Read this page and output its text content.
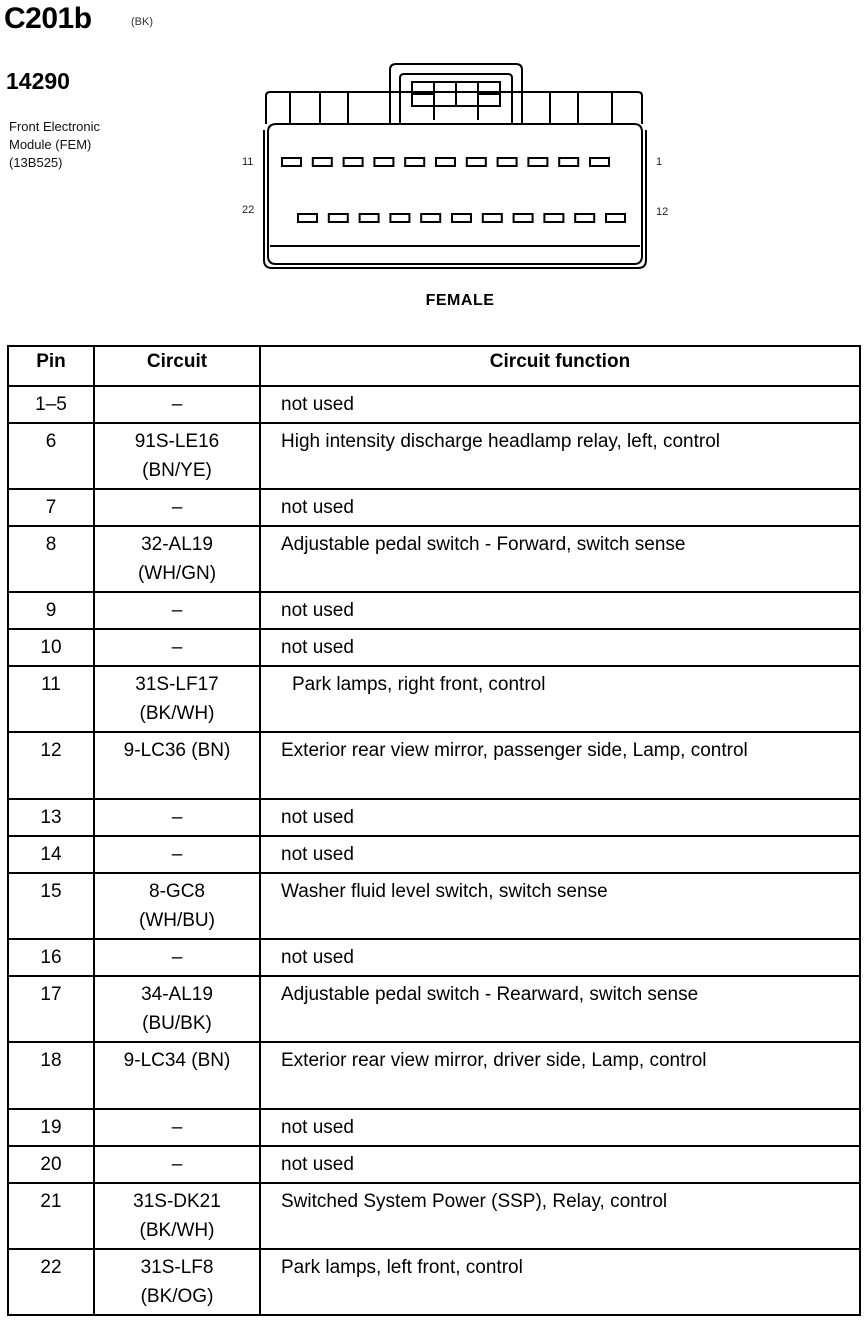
C201b	(BK)
14290
Front Electronic
Module (FEM)
(13B525)	11	1
22	12
FEMALE
Pin	Circuit	Circuit function
1–5	–	not used
6	91S-LE16
(BN/YE)	High intensity discharge headlamp relay, left, control
7	–	not used
8	32-AL19
(WH/GN)	Adjustable pedal switch - Forward, switch sense
9	–	not used
10	–	not used
11	31S-LF17
(BK/WH)	Park lamps, right front, control
12	9-LC36 (BN)	Exterior rear view mirror, passenger side, Lamp, control
13	–	not used
14	–	not used
15	8-GC8
(WH/BU)	Washer fluid level switch, switch sense
16	–	not used
17	34-AL19
(BU/BK)	Adjustable pedal switch - Rearward, switch sense
18	9-LC34 (BN)	Exterior rear view mirror, driver side, Lamp, control
19	–	not used
20	–	not used
21	31S-DK21
(BK/WH)	Switched System Power (SSP), Relay, control
22	31S-LF8
(BK/OG)	Park lamps, left front, control
